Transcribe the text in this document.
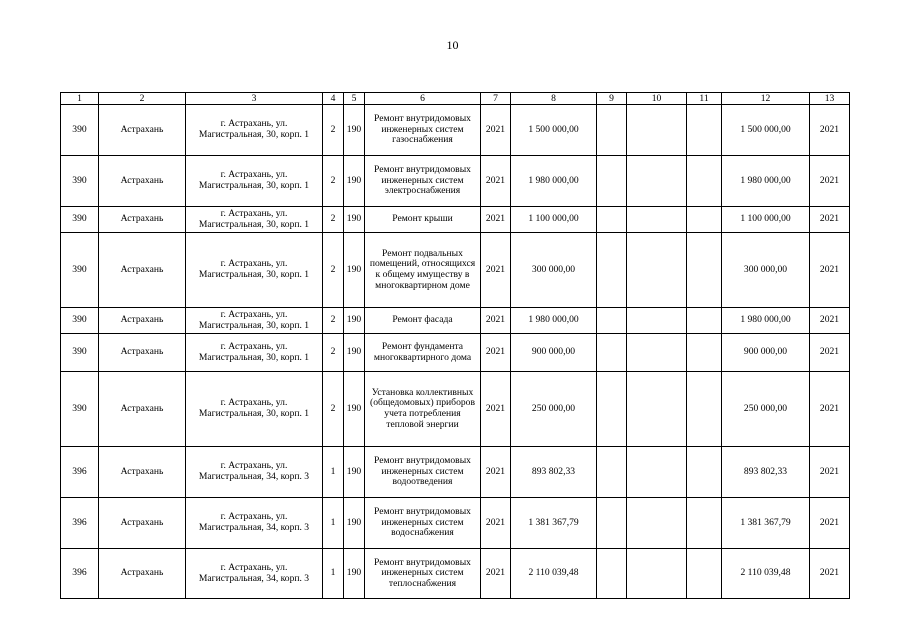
10
1	2	3	4	5	6	7	8	9	10	11	12	13
390	Астрахань	г. Астрахань, ул. Магистральная, 30, корп. 1	2	190	Ремонт внутридомовых инженерных систем газоснабжения	2021	1 500 000,00				1 500 000,00	2021
390	Астрахань	г. Астрахань, ул. Магистральная, 30, корп. 1	2	190	Ремонт внутридомовых инженерных систем электроснабжения	2021	1 980 000,00				1 980 000,00	2021
390	Астрахань	г. Астрахань, ул. Магистральная, 30, корп. 1	2	190	Ремонт крыши	2021	1 100 000,00				1 100 000,00	2021
390	Астрахань	г. Астрахань, ул. Магистральная, 30, корп. 1	2	190	Ремонт подвальных помещений, относящихся к общему имуществу в многоквартирном доме	2021	300 000,00				300 000,00	2021
390	Астрахань	г. Астрахань, ул. Магистральная, 30, корп. 1	2	190	Ремонт фасада	2021	1 980 000,00				1 980 000,00	2021
390	Астрахань	г. Астрахань, ул. Магистральная, 30, корп. 1	2	190	Ремонт фундамента многоквартирного дома	2021	900 000,00				900 000,00	2021
390	Астрахань	г. Астрахань, ул. Магистральная, 30, корп. 1	2	190	Установка коллективных (общедомовых) приборов учета потребления тепловой энергии	2021	250 000,00				250 000,00	2021
396	Астрахань	г. Астрахань, ул. Магистральная, 34, корп. 3	1	190	Ремонт внутридомовых инженерных систем водоотведения	2021	893 802,33				893 802,33	2021
396	Астрахань	г. Астрахань, ул. Магистральная, 34, корп. 3	1	190	Ремонт внутридомовых инженерных систем водоснабжения	2021	1 381 367,79				1 381 367,79	2021
396	Астрахань	г. Астрахань, ул. Магистральная, 34, корп. 3	1	190	Ремонт внутридомовых инженерных систем теплоснабжения	2021	2 110 039,48				2 110 039,48	2021
